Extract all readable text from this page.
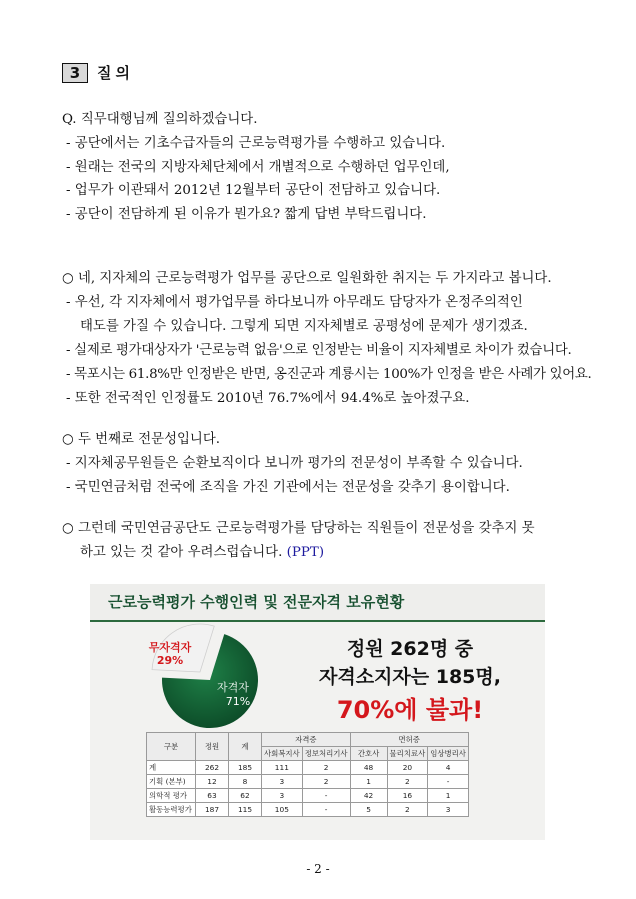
3	질의
Q. 직무대행님께 질의하겠습니다.
- 공단에서는 기초수급자들의 근로능력평가를 수행하고 있습니다.
- 원래는 전국의 지방자체단체에서 개별적으로 수행하던 업무인데,
- 업무가 이관돼서 2012년 12월부터 공단이 전담하고 있습니다.
- 공단이 전담하게 된 이유가 뭔가요? 짧게 답변 부탁드립니다.
○ 네, 지자체의 근로능력평가 업무를 공단으로 일원화한 취지는 두 가지라고 봅니다.
- 우선, 각 지자체에서 평가업무를 하다보니까 아무래도 담당자가 온정주의적인
태도를 가질 수 있습니다. 그렇게 되면 지자체별로 공평성에 문제가 생기겠죠.
- 실제로 평가대상자가 '근로능력 없음'으로 인정받는 비율이 지자체별로 차이가 컸습니다.
- 목포시는 61.8%만 인정받은 반면, 옹진군과 계룡시는 100%가 인정을 받은 사례가 있어요.
- 또한 전국적인 인정률도 2010년 76.7%에서 94.4%로 높아졌구요.
○ 두 번째로 전문성입니다.
- 지자체공무원들은 순환보직이다 보니까 평가의 전문성이 부족할 수 있습니다.
- 국민연금처럼 전국에 조직을 가진 기관에서는 전문성을 갖추기 용이합니다.
○ 그런데 국민연금공단도 근로능력평가를 담당하는 직원들이 전문성을 갖추지 못
하고 있는 것 같아 우려스럽습니다. (PPT)
근로능력평가 수행인력 및 전문자격 보유현황
자격자
71%
무자격자
29%
정원 262명 중
자격소지자는 185명,
70%에 불과!
구분	정원	계	자격증		면허증		
			사회복지사	정보처리기사	간호사	물리치료사	임상병리사
계	262	185	111	2	48	20	4
기획 (본부)	12	8	3	2	1	2	-
의학적 평가	63	62	3	-	42	16	1
활동능력평가	187	115	105	-	5	2	3
- 2 -
